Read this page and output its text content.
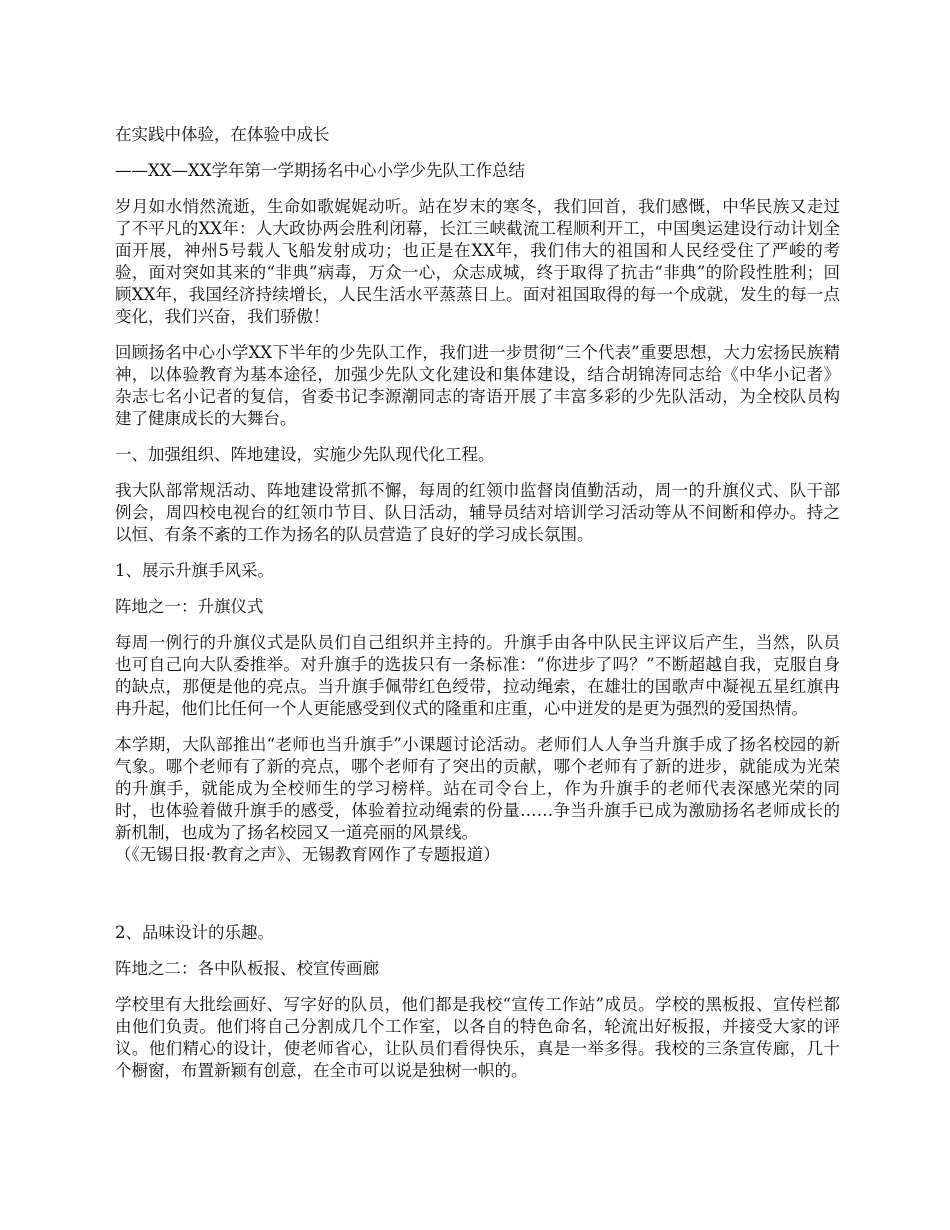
在实践中体验，在体验中成长

——XX—XX学年第一学期扬名中心小学少先队工作总结

岁月如水悄然流逝，生命如歌娓娓动听。站在岁末的寒冬，我们回首，我们感慨，中华民族又走过了不平凡的XX年：人大政协两会胜利闭幕，长江三峡截流工程顺利开工，中国奥运建设行动计划全面开展，神州5号载人飞船发射成功；也正是在XX年，我们伟大的祖国和人民经受住了严峻的考验，面对突如其来的“非典”病毒，万众一心，众志成城，终于取得了抗击“非典”的阶段性胜利；回顾XX年，我国经济持续增长，人民生活水平蒸蒸日上。面对祖国取得的每一个成就，发生的每一点变化，我们兴奋，我们骄傲！

回顾扬名中心小学XX下半年的少先队工作，我们进一步贯彻“三个代表”重要思想，大力宏扬民族精神，以体验教育为基本途径，加强少先队文化建设和集体建设，结合胡锦涛同志给《中华小记者》杂志七名小记者的复信，省委书记李源潮同志的寄语开展了丰富多彩的少先队活动，为全校队员构建了健康成长的大舞台。

一、加强组织、阵地建设，实施少先队现代化工程。

我大队部常规活动、阵地建设常抓不懈，每周的红领巾监督岗值勤活动，周一的升旗仪式、队干部例会，周四校电视台的红领巾节目、队日活动，辅导员结对培训学习活动等从不间断和停办。持之以恒、有条不紊的工作为扬名的队员营造了良好的学习成长氛围。

1、展示升旗手风采。

阵地之一：升旗仪式

每周一例行的升旗仪式是队员们自己组织并主持的。升旗手由各中队民主评议后产生，当然，队员也可自己向大队委推举。对升旗手的选拔只有一条标准：“你进步了吗？”不断超越自我，克服自身的缺点，那便是他的亮点。当升旗手佩带红色绶带，拉动绳索，在雄壮的国歌声中凝视五星红旗冉冉升起，他们比任何一个人更能感受到仪式的隆重和庄重，心中迸发的是更为强烈的爱国热情。

本学期，大队部推出“老师也当升旗手”小课题讨论活动。老师们人人争当升旗手成了扬名校园的新气象。哪个老师有了新的亮点，哪个老师有了突出的贡献，哪个老师有了新的进步，就能成为光荣的升旗手，就能成为全校师生的学习榜样。站在司令台上，作为升旗手的老师代表深感光荣的同时，也体验着做升旗手的感受，体验着拉动绳索的份量……争当升旗手已成为激励扬名老师成长的新机制，也成为了扬名校园又一道亮丽的风景线。

（《无锡日报·教育之声》、无锡教育网作了专题报道）

2、品味设计的乐趣。

阵地之二：各中队板报、校宣传画廊

学校里有大批绘画好、写字好的队员，他们都是我校“宣传工作站”成员。学校的黑板报、宣传栏都由他们负责。他们将自己分割成几个工作室，以各自的特色命名，轮流出好板报，并接受大家的评议。他们精心的设计，使老师省心，让队员们看得快乐，真是一举多得。我校的三条宣传廊，几十个橱窗，布置新颖有创意，在全市可以说是独树一帜的。
